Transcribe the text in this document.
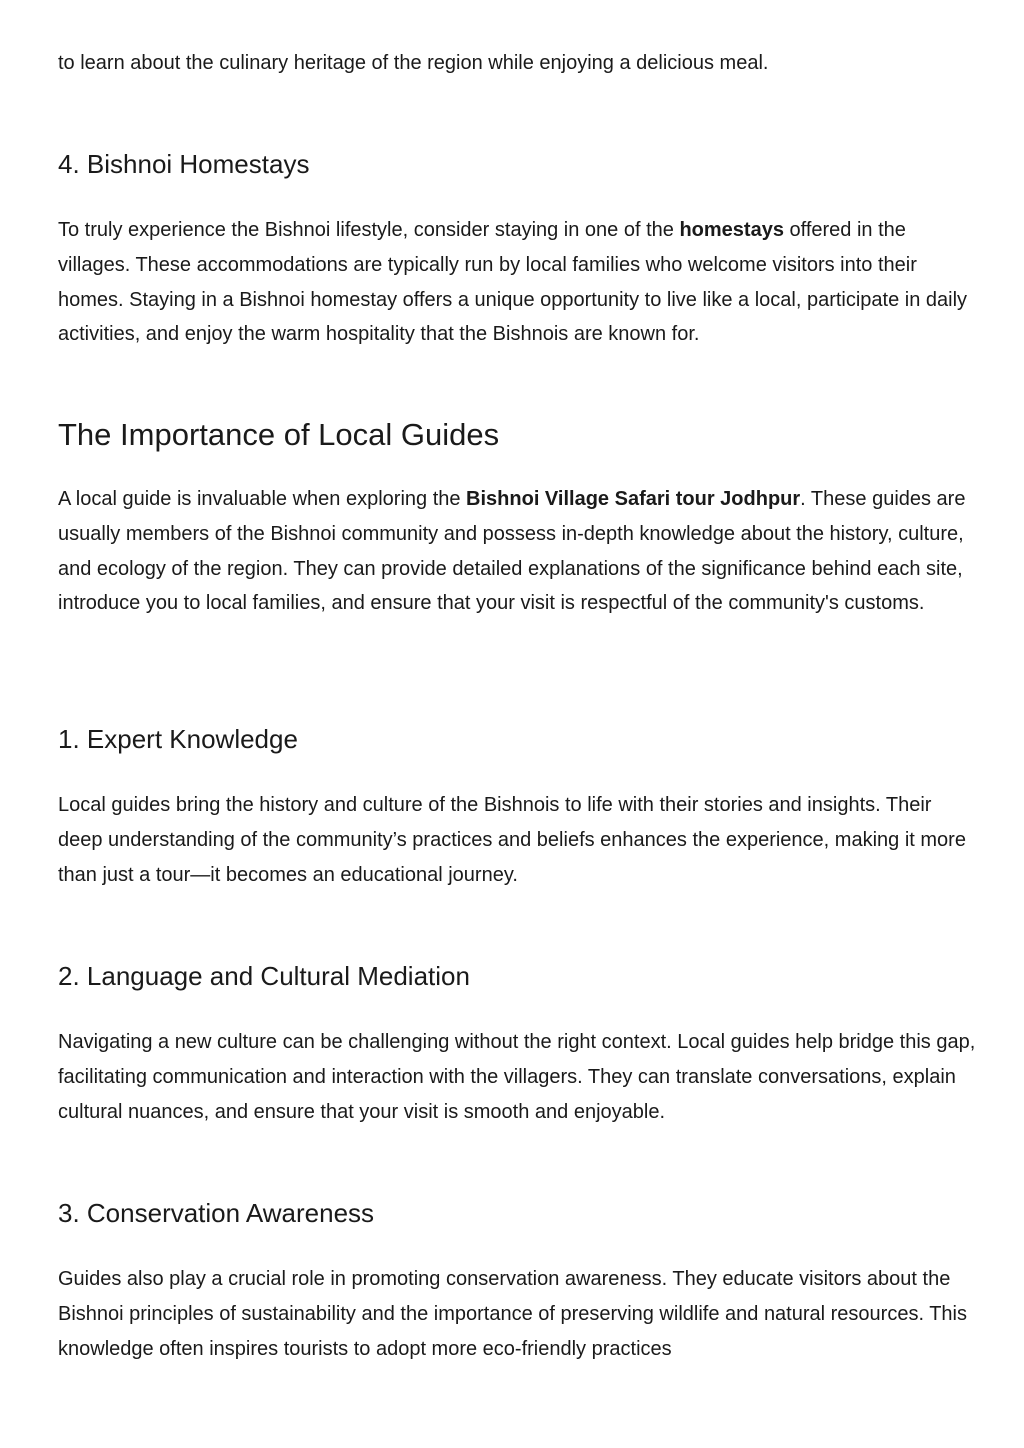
to learn about the culinary heritage of the region while enjoying a delicious meal.

4. Bishnoi Homestays

To truly experience the Bishnoi lifestyle, consider staying in one of the homestays offered in the villages. These accommodations are typically run by local families who welcome visitors into their homes. Staying in a Bishnoi homestay offers a unique opportunity to live like a local, participate in daily activities, and enjoy the warm hospitality that the Bishnois are known for.

The Importance of Local Guides

A local guide is invaluable when exploring the Bishnoi Village Safari tour Jodhpur. These guides are usually members of the Bishnoi community and possess in-depth knowledge about the history, culture, and ecology of the region. They can provide detailed explanations of the significance behind each site, introduce you to local families, and ensure that your visit is respectful of the community's customs.

1. Expert Knowledge

Local guides bring the history and culture of the Bishnois to life with their stories and insights. Their deep understanding of the community’s practices and beliefs enhances the experience, making it more than just a tour—it becomes an educational journey.

2. Language and Cultural Mediation

Navigating a new culture can be challenging without the right context. Local guides help bridge this gap, facilitating communication and interaction with the villagers. They can translate conversations, explain cultural nuances, and ensure that your visit is smooth and enjoyable.

3. Conservation Awareness

Guides also play a crucial role in promoting conservation awareness. They educate visitors about the Bishnoi principles of sustainability and the importance of preserving wildlife and natural resources. This knowledge often inspires tourists to adopt more eco-friendly practices
